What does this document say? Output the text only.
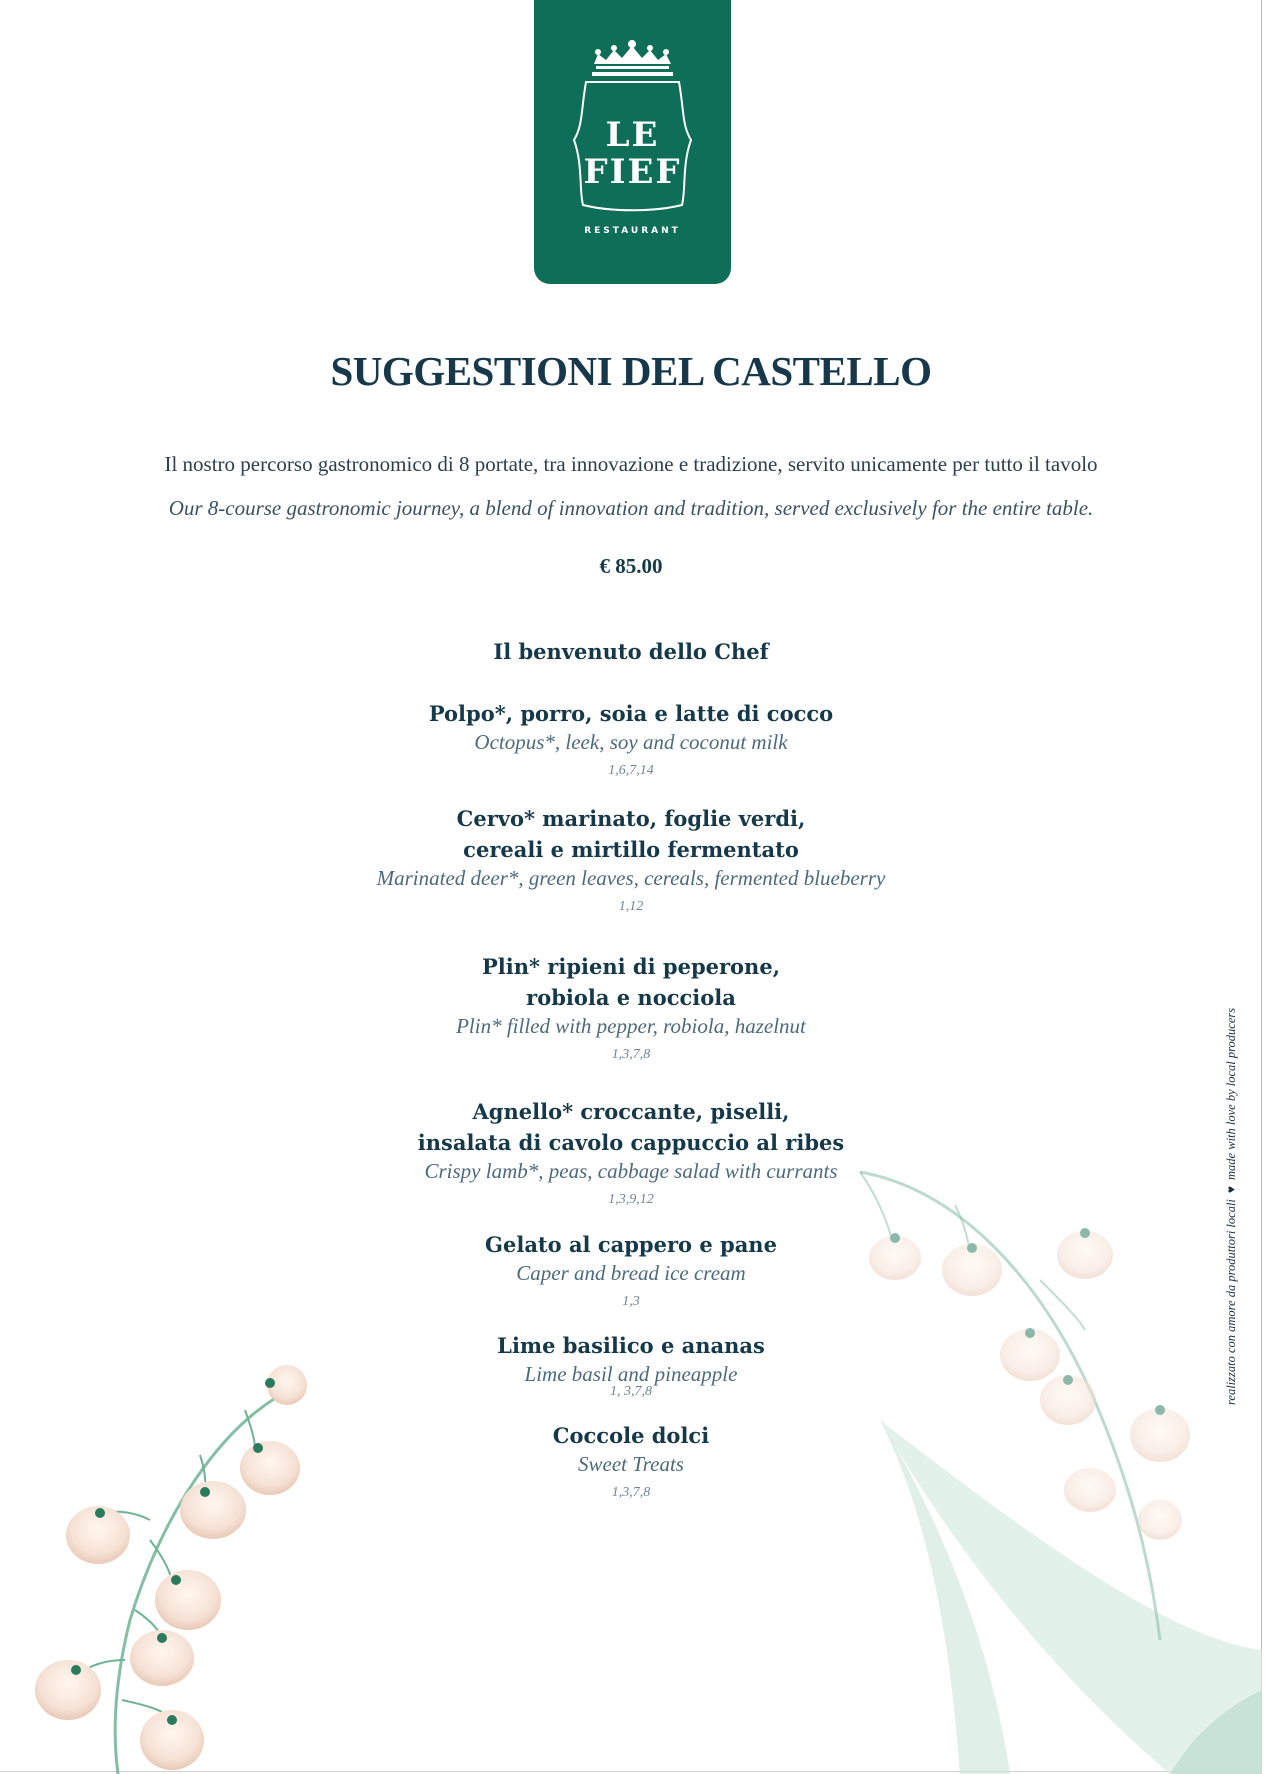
LE
FIEF
RESTAURANT
SUGGESTIONI DEL CASTELLO
Il nostro percorso gastronomico di 8 portate, tra innovazione e tradizione, servito unicamente per tutto il tavolo
Our 8-course gastronomic journey, a blend of innovation and tradition, served exclusively for the entire table.
€ 85.00
Il benvenuto dello Chef
Polpo*, porro, soia e latte di cocco
Octopus*, leek, soy and coconut milk
1,6,7,14
Cervo* marinato, foglie verdi,
cereali e mirtillo fermentato
Marinated deer*, green leaves, cereals, fermented blueberry
1,12
Plin* ripieni di peperone,
robiola e nocciola
Plin* filled with pepper, robiola, hazelnut
1,3,7,8
Agnello* croccante, piselli,
insalata di cavolo cappuccio al ribes
Crispy lamb*, peas, cabbage salad with currants
1,3,9,12
Gelato al cappero e pane
Caper and bread ice cream
1,3
Lime basilico e ananas
Lime basil and pineapple
1, 3,7,8
Coccole dolci
Sweet Treats
1,3,7,8
realizzato con amore da produttori locali♥made with love by local producers
